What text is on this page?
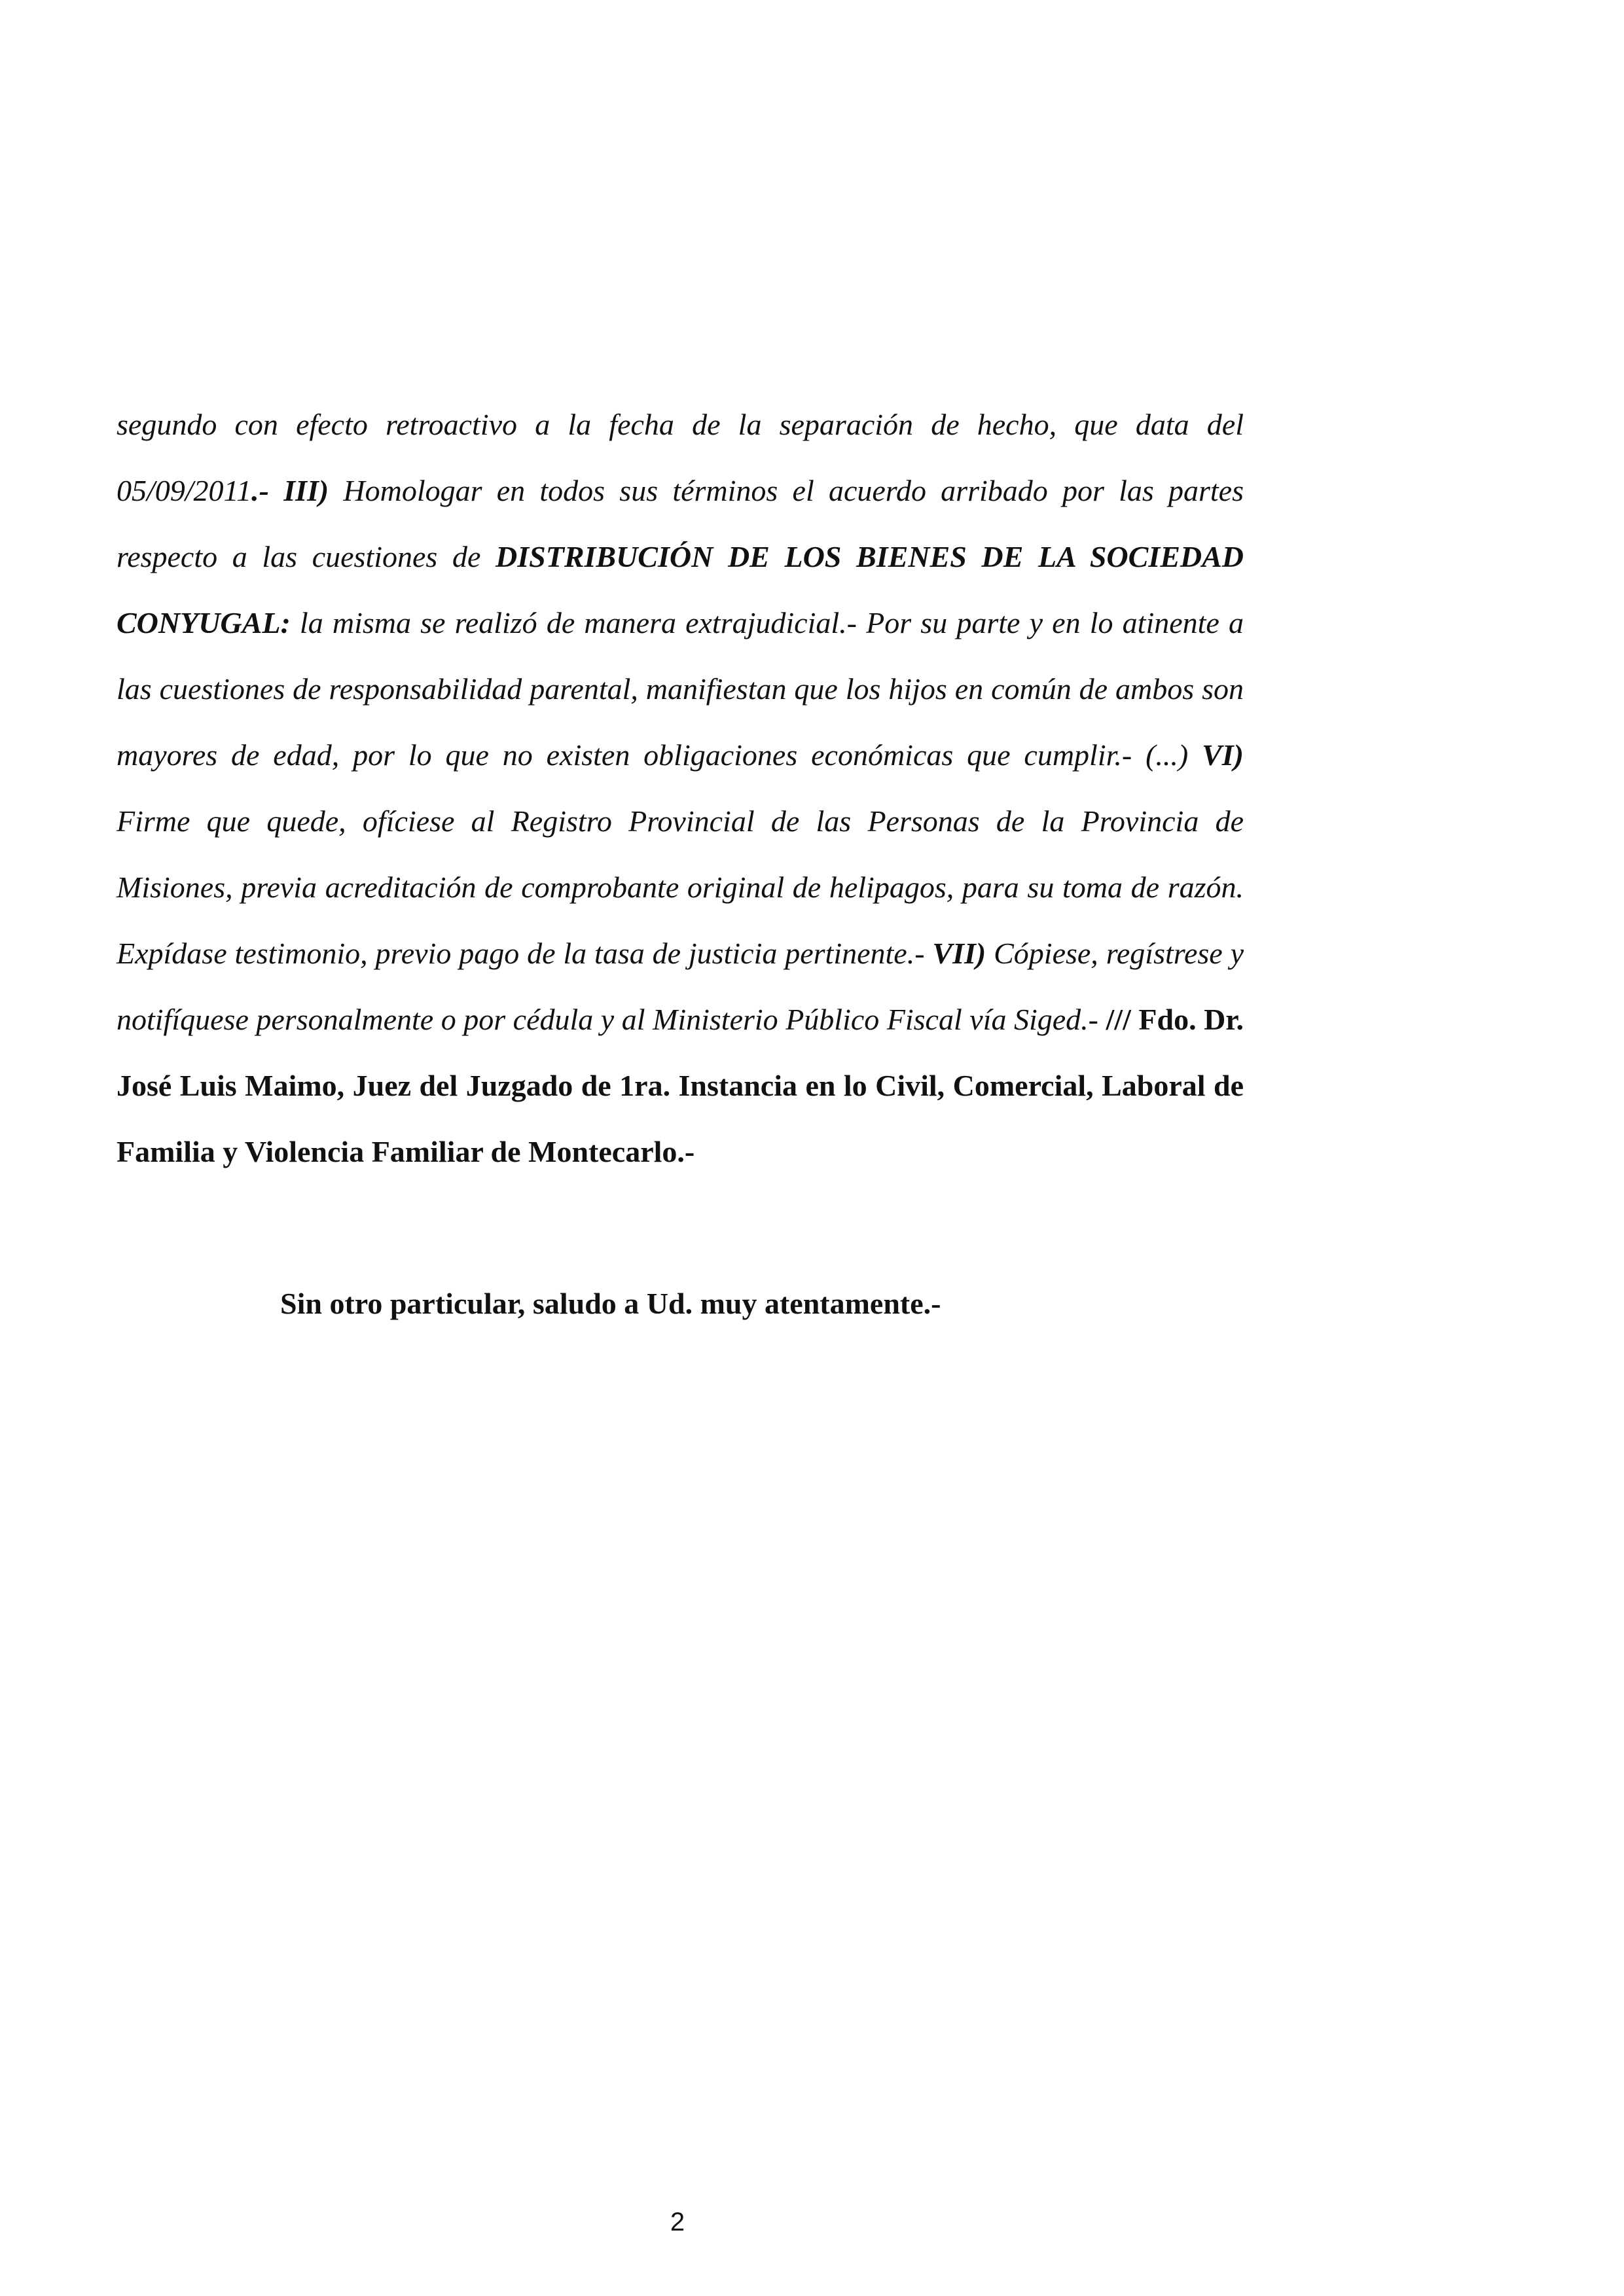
segundo con efecto retroactivo a la fecha de la separación de hecho, que data del 05/09/2011.- III) Homologar en todos sus términos el acuerdo arribado por las partes respecto a las cuestiones de DISTRIBUCIÓN DE LOS BIENES DE LA SOCIEDAD CONYUGAL: la misma se realizó de manera extrajudicial.- Por su parte y en lo atinente a las cuestiones de responsabilidad parental, manifiestan que los hijos en común de ambos son mayores de edad, por lo que no existen obligaciones económicas que cumplir.- (...) VI) Firme que quede, ofíciese al Registro Provincial de las Personas de la Provincia de Misiones, previa acreditación de comprobante original de helipagos, para su toma de razón. Expídase testimonio, previo pago de la tasa de justicia pertinente.- VII) Cópiese, regístrese y notifíquese personalmente o por cédula y al Ministerio Público Fiscal vía Siged.- /// Fdo. Dr. José Luis Maimo, Juez del Juzgado de 1ra. Instancia en lo Civil, Comercial, Laboral de Familia y Violencia Familiar de Montecarlo.-

Sin otro particular, saludo a Ud. muy atentamente.-

2
